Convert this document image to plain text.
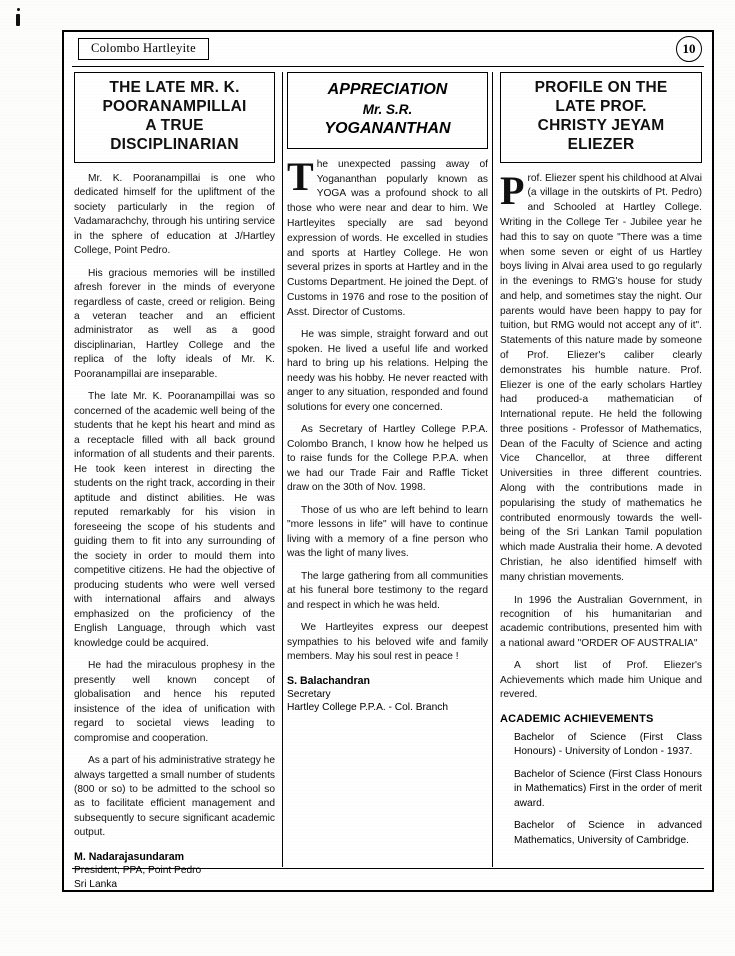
Colombo Hartleyite	10
THE LATE MR. K.
POORANAMPILLAI
A TRUE
DISCIPLINARIAN

Mr. K. Pooranampillai is one who dedicated himself for the upliftment of the society particularly in the region of Vadamarachchy, through his untiring service in the sphere of education at J/Hartley College, Point Pedro.

His gracious memories will be instilled afresh forever in the minds of everyone regardless of caste, creed or religion. Being a veteran teacher and an efficient administrator as well as a good disciplinarian, Hartley College and the replica of the lofty ideals of Mr. K. Pooranampillai are inseparable.

The late Mr. K. Pooranampillai was so concerned of the academic well being of the students that he kept his heart and mind as a receptacle filled with all back ground information of all students and their parents. He took keen interest in directing the students on the right track, according in their aptitude and distinct abilities. He was reputed remarkably for his vision in foreseeing the scope of his students and guiding them to fit into any surrounding of the society in order to mould them into competitive citizens. He had the objective of producing students who were well versed with international affairs and always emphasized on the proficiency of the English Language, through which vast knowledge could be acquired.

He had the miraculous prophesy in the presently well known concept of globalisation and hence his reputed insistence of the idea of unification with regard to societal views leading to compromise and cooperation.

As a part of his administrative strategy he always targetted a small number of students (800 or so) to be admitted to the school so as to facilitate efficient management and subsequently to secure significant academic output.

M. Nadarajasundaram
President, PPA, Point Pedro
Sri Lanka
APPRECIATION
Mr. S.R.
YOGANANTHAN
The unexpected passing away of Yogananthan popularly known as YOGA was a profound shock to all those who were near and dear to him. We Hartleyites specially are sad beyond expression of words. He excelled in studies and sports at Hartley College. He won several prizes in sports at Hartley and in the Customs Department. He joined the Dept. of Customs in 1976 and rose to the position of Asst. Director of Customs.

He was simple, straight forward and out spoken. He lived a useful life and worked hard to bring up his relations. Helping the needy was his hobby. He never reacted with anger to any situation, responded and found solutions for every one concerned.

As Secretary of Hartley College P.P.A. Colombo Branch, I know how he helped us to raise funds for the College P.P.A. when we had our Trade Fair and Raffle Ticket draw on the 30th of Nov. 1998.

Those of us who are left behind to learn "more lessons in life" will have to continue living with a memory of a fine person who was the light of many lives.

The large gathering from all communities at his funeral bore testimony to the regard and respect in which he was held.

We Hartleyites express our deepest sympathies to his beloved wife and family members. May his soul rest in peace !

S. Balachandran
Secretary
Hartley College P.P.A. - Col. Branch
PROFILE ON THE
LATE PROF.
CHRISTY JEYAM
ELIEZER
Prof. Eliezer spent his childhood at Alvai (a village in the outskirts of Pt. Pedro) and Schooled at Hartley College. Writing in the College Ter - Jubilee year he had this to say on quote "There was a time when some seven or eight of us Hartley boys living in Alvai area used to go regularly in the evenings to RMG's house for study and help, and sometimes stay the night. Our parents would have been happy to pay for tuition, but RMG would not accept any of it". Statements of this nature made by someone of Prof. Eliezer's caliber clearly demonstrates his humble nature. Prof. Eliezer is one of the early scholars Hartley had produced-a mathematician of International repute. He held the following three positions - Professor of Mathematics, Dean of the Faculty of Science and acting Vice Chancellor, at three different Universities in three different countries. Along with the contributions made in popularising the study of mathematics he contributed enormously towards the well- being of the Sri Lankan Tamil population which made Australia their home. A devoted Christian, he also identified himself with many christian movements.

In 1996 the Australian Government, in recognition of his humanitarian and academic contributions, presented him with a national award "ORDER OF AUSTRALIA"

A short list of Prof. Eliezer's Achievements which made him Unique and revered.

ACADEMIC ACHIEVEMENTS

Bachelor of Science (First Class Honours) - University of London - 1937.

Bachelor of Science (First Class Honours in Mathematics) First in the order of merit award.

Bachelor of Science in advanced Mathematics, University of Cambridge.
